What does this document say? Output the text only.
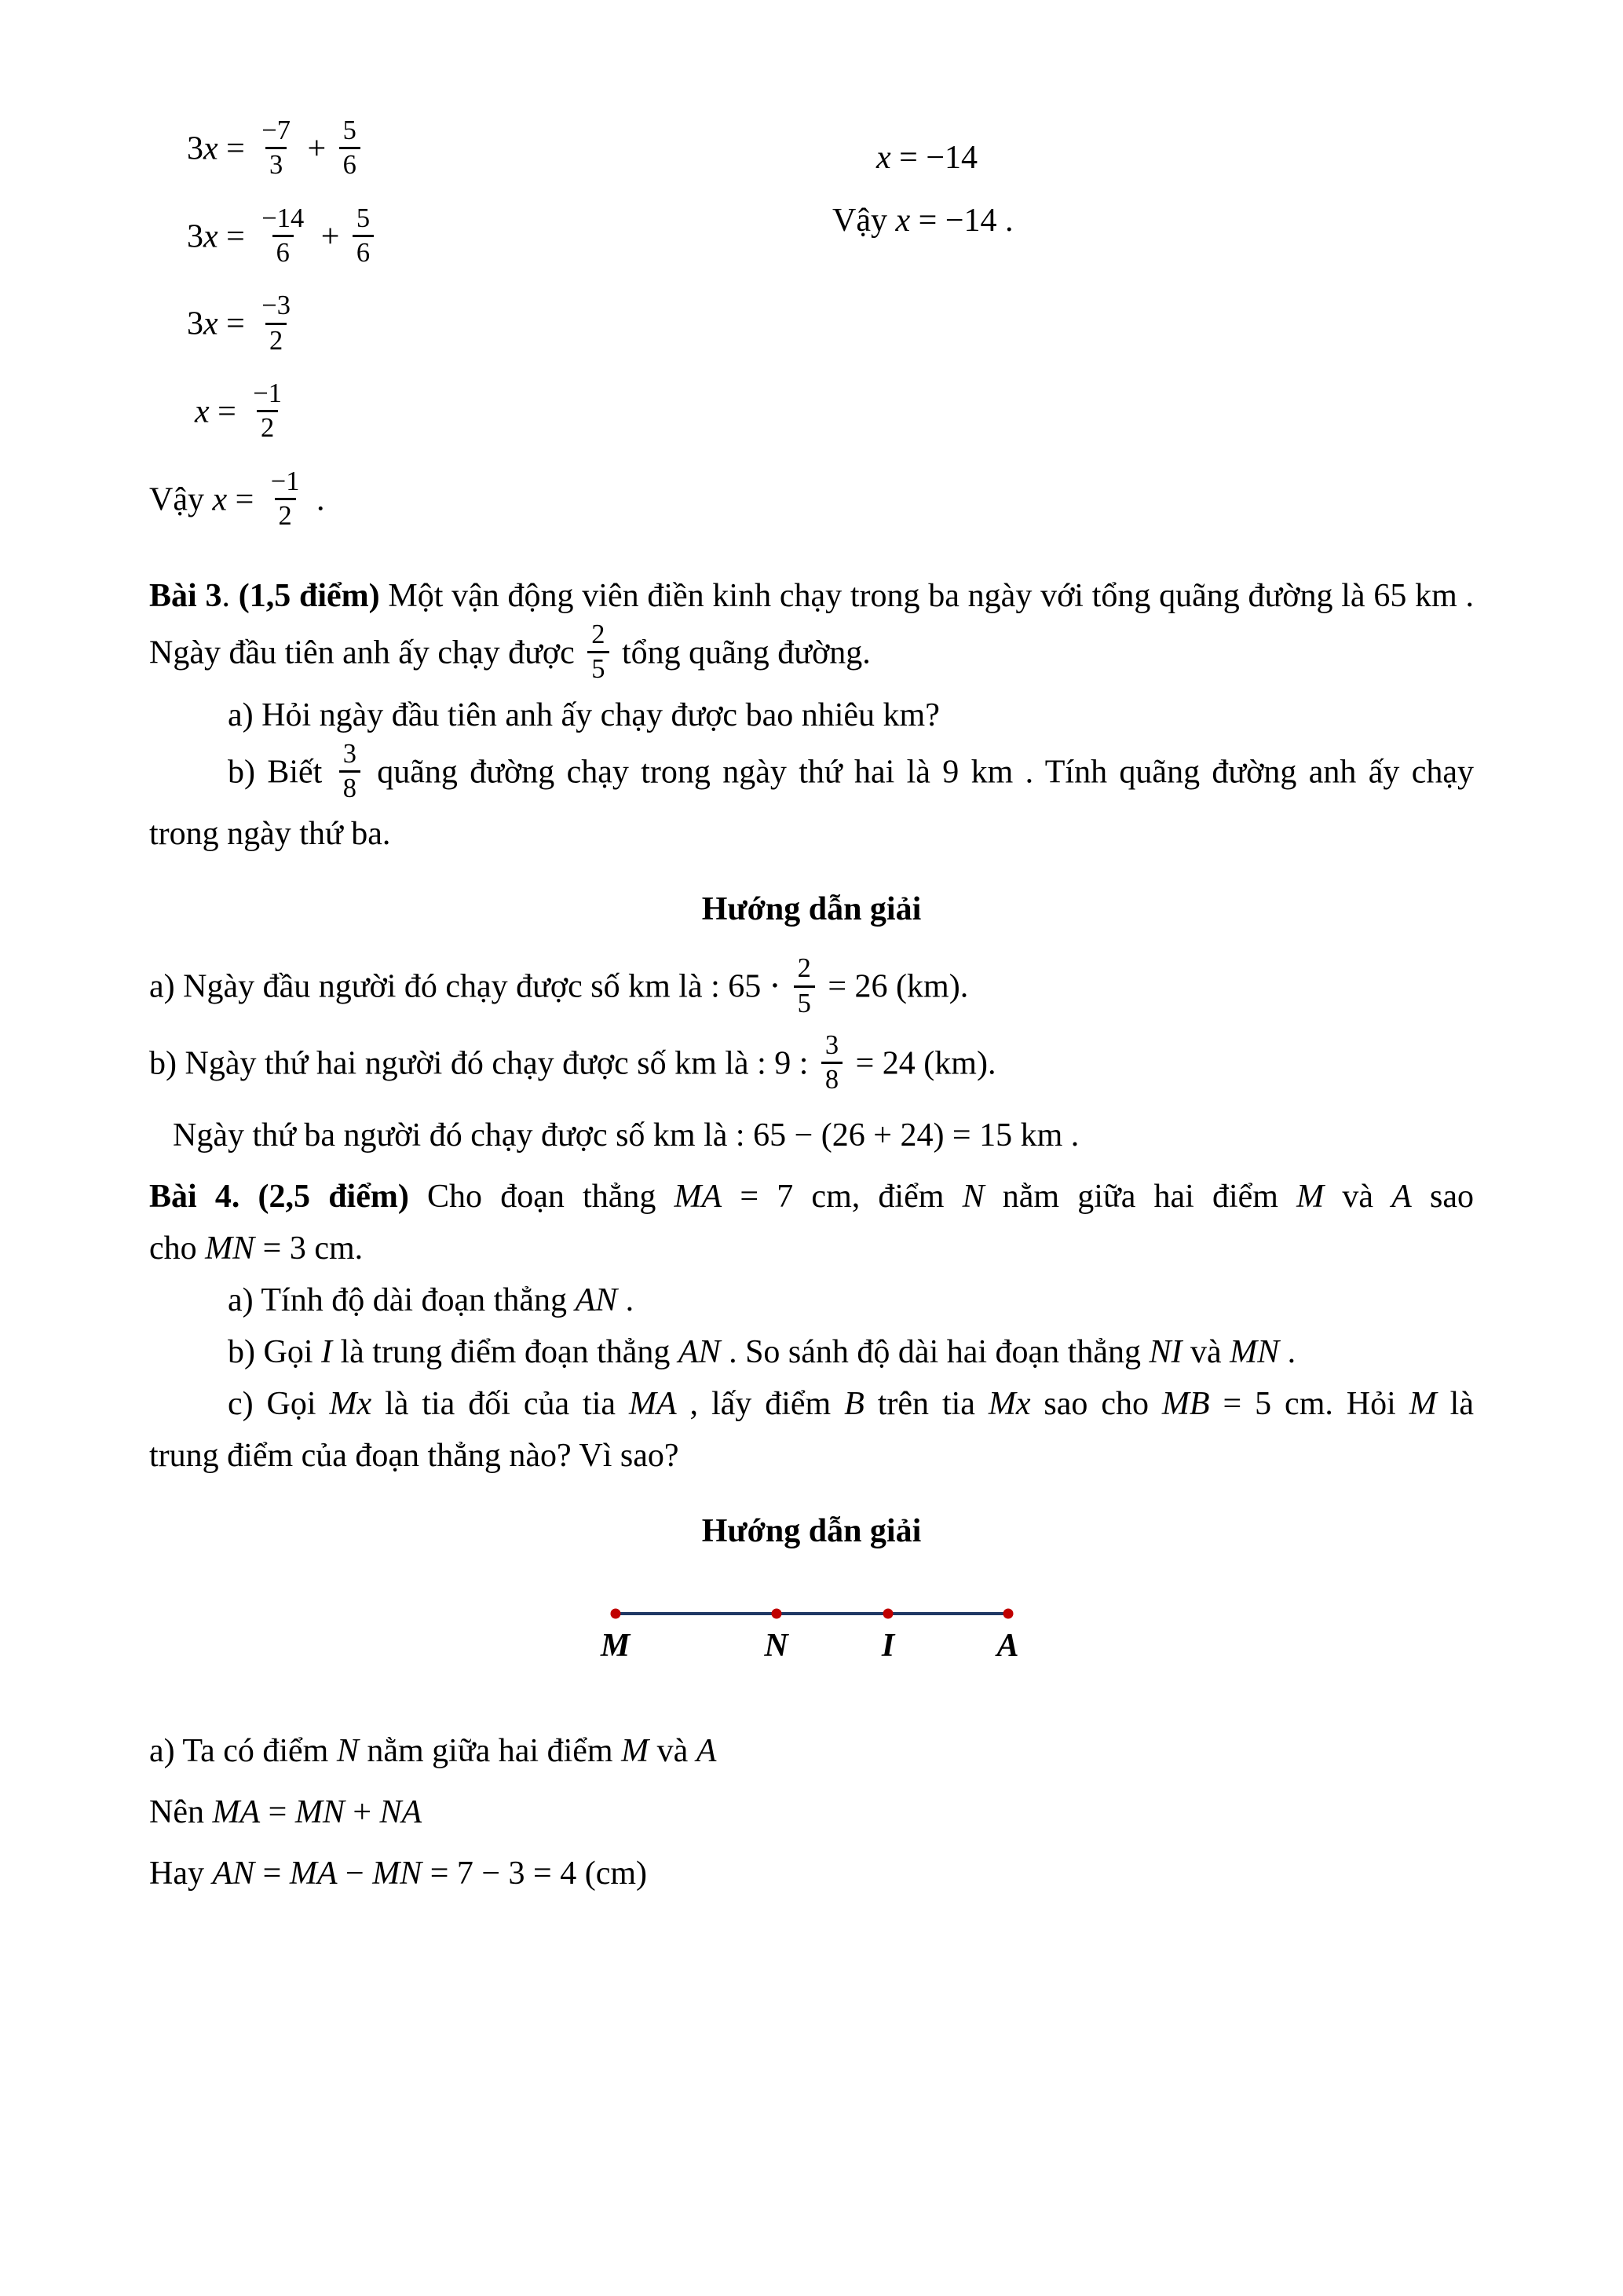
$3x = \frac{-7}{3} + \frac{5}{6}$
$3x = \frac{-14}{6} + \frac{5}{6}$
$3x = \frac{-3}{2}$
$x = \frac{-1}{2}$
Vậy $x = \frac{-1}{2}$ .
x = −14
Vậy x = −14 .
Bài 3. (1,5 điểm) Một vận động viên điền kinh chạy trong ba ngày với tổng quãng đường là 65 km .
Ngày đầu tiên anh ấy chạy được $\frac{2}{5}$ tổng quãng đường.
a) Hỏi ngày đầu tiên anh ấy chạy được bao nhiêu km?
b) Biết $\frac{3}{8}$ quãng đường chạy trong ngày thứ hai là 9 km . Tính quãng đường anh ấy chạy
trong ngày thứ ba.
Hướng dẫn giải
a) Ngày đầu người đó chạy được số km là : $65 \cdot \frac{2}{5} = 26$ (km).
b) Ngày thứ hai người đó chạy được số km là : 9 : $\frac{3}{8} = 24$ (km).
Ngày thứ ba người đó chạy được số km là : 65 − (26 + 24) = 15 km .
Bài 4. (2,5 điểm) Cho đoạn thẳng MA = 7 cm, điểm N nằm giữa hai điểm M và A sao
cho MN = 3 cm.
a) Tính độ dài đoạn thẳng AN .
b) Gọi I là trung điểm đoạn thẳng AN . So sánh độ dài hai đoạn thẳng NI và MN .
c) Gọi Mx là tia đối của tia MA , lấy điểm B trên tia Mx sao cho MB = 5 cm. Hỏi M là
trung điểm của đoạn thẳng nào? Vì sao?
Hướng dẫn giải
M	N	I	A
a) Ta có điểm N nằm giữa hai điểm M và A
Nên MA = MN + NA
Hay AN = MA − MN = 7 − 3 = 4 (cm)
